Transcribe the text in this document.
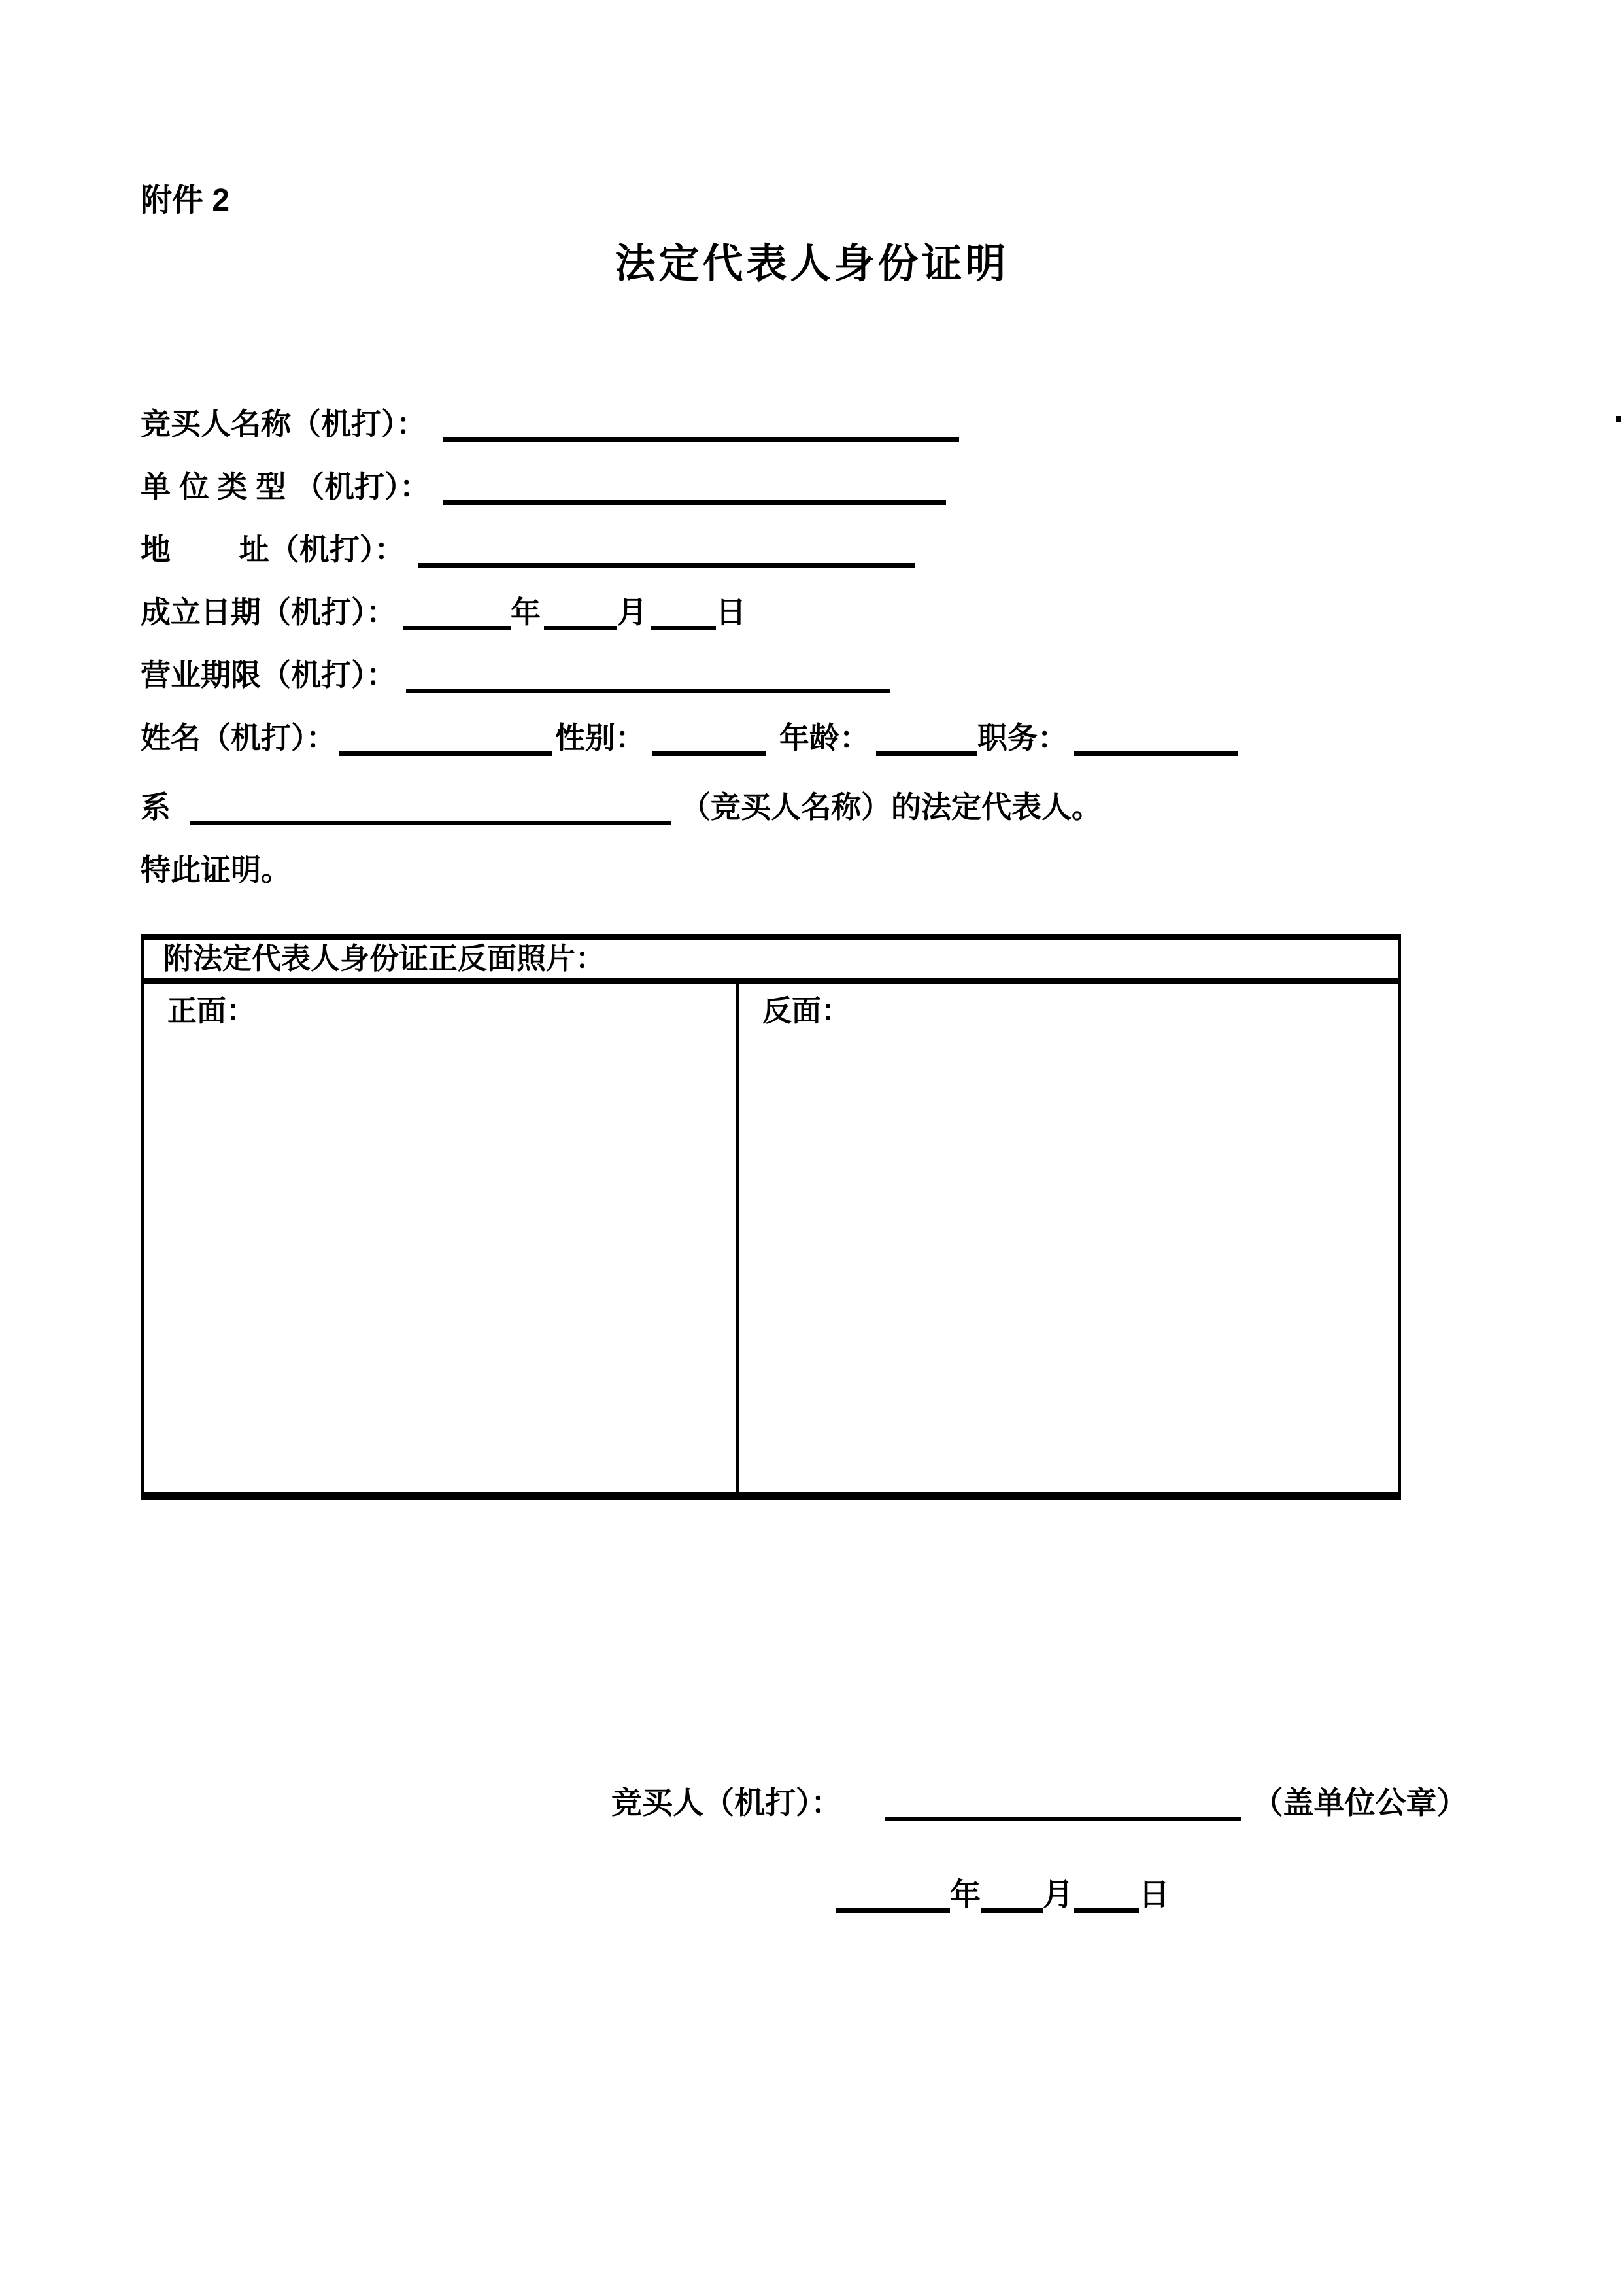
附件 2
法定代表人身份证明
竞买人名称（机打）：
单 位 类 型 （机打）：
地　　 址（机打）：
成立日期（机打）：	年	月 日
营业期限（机打）：
姓名（机打）：	性别：	年龄：	职务：
系	（竞买人名称）的法定代表人。
特此证明。
附法定代表人身份证正反面照片：
正面：	反面：
竞买人（机打）：	（盖单位公章）
年 月 日
